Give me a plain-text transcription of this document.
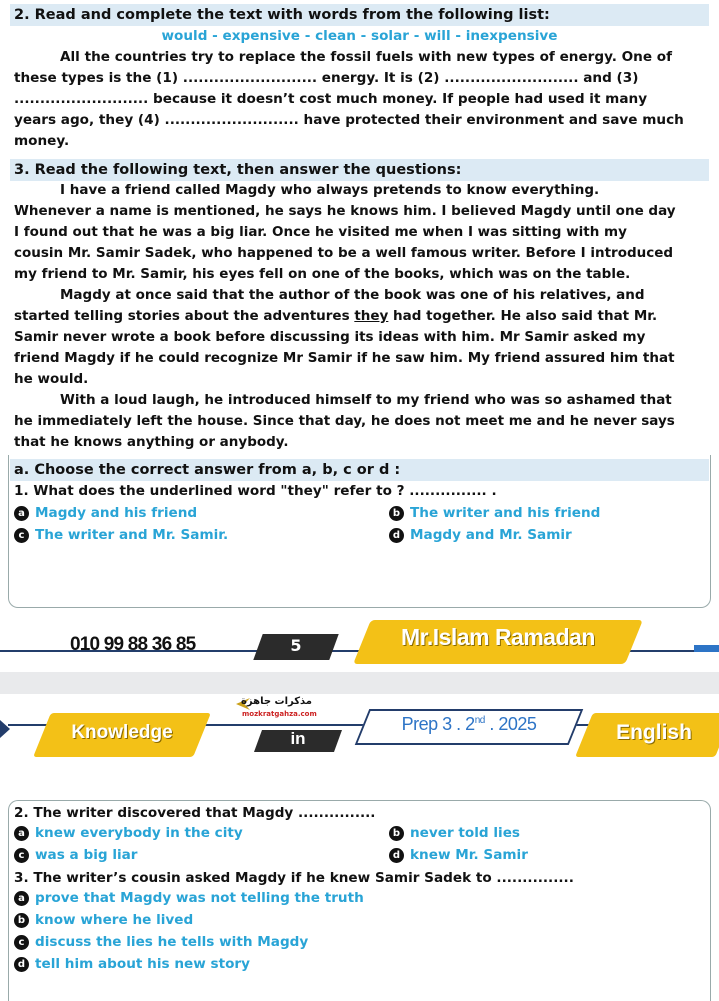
2. Read and complete the text with words from the following list:
would - expensive - clean - solar - will - inexpensive
All the countries try to replace the fossil fuels with new types of energy. One of
these types is the (1) .......................... energy. It is (2) .......................... and (3)
.......................... because it doesn’t cost much money. If people had used it many
years ago, they (4) .......................... have protected their environment and save much
money.
3. Read the following text, then answer the questions:
I have a friend called Magdy who always pretends to know everything.
Whenever a name is mentioned, he says he knows him. I believed Magdy until one day
I found out that he was a big liar. Once he visited me when I was sitting with my
cousin Mr. Samir Sadek, who happened to be a well famous writer. Before I introduced
my friend to Mr. Samir, his eyes fell on one of the books, which was on the table.
Magdy at once said that the author of the book was one of his relatives, and
started telling stories about the adventures they had together. He also said that Mr.
Samir never wrote a book before discussing its ideas with him. Mr Samir asked my
friend Magdy if he could recognize Mr Samir if he saw him. My friend assured him that
he would.
With a loud laugh, he introduced himself to my friend who was so ashamed that
he immediately left the house. Since that day, he does not meet me and he never says
that he knows anything or anybody.
a. Choose the correct answer from a, b, c or d :
1. What does the underlined word "they" refer to ? ............... .
a Magdy and his friend	b The writer and his friend
c The writer and Mr. Samir.	d Magdy and Mr. Samir
010 99 88 36 85	5	Mr.Islam Ramadan
مذكرات جاهزة
mozkratgahza.com
Knowledge	in
Prep 3 . 2nd . 2025	English
2. The writer discovered that Magdy ...............
a knew everybody in the city	b never told lies
c was a big liar	d knew Mr. Samir
3. The writer’s cousin asked Magdy if he knew Samir Sadek to ...............
a prove that Magdy was not telling the truth
b know where he lived
c discuss the lies he tells with Magdy
d tell him about his new story
